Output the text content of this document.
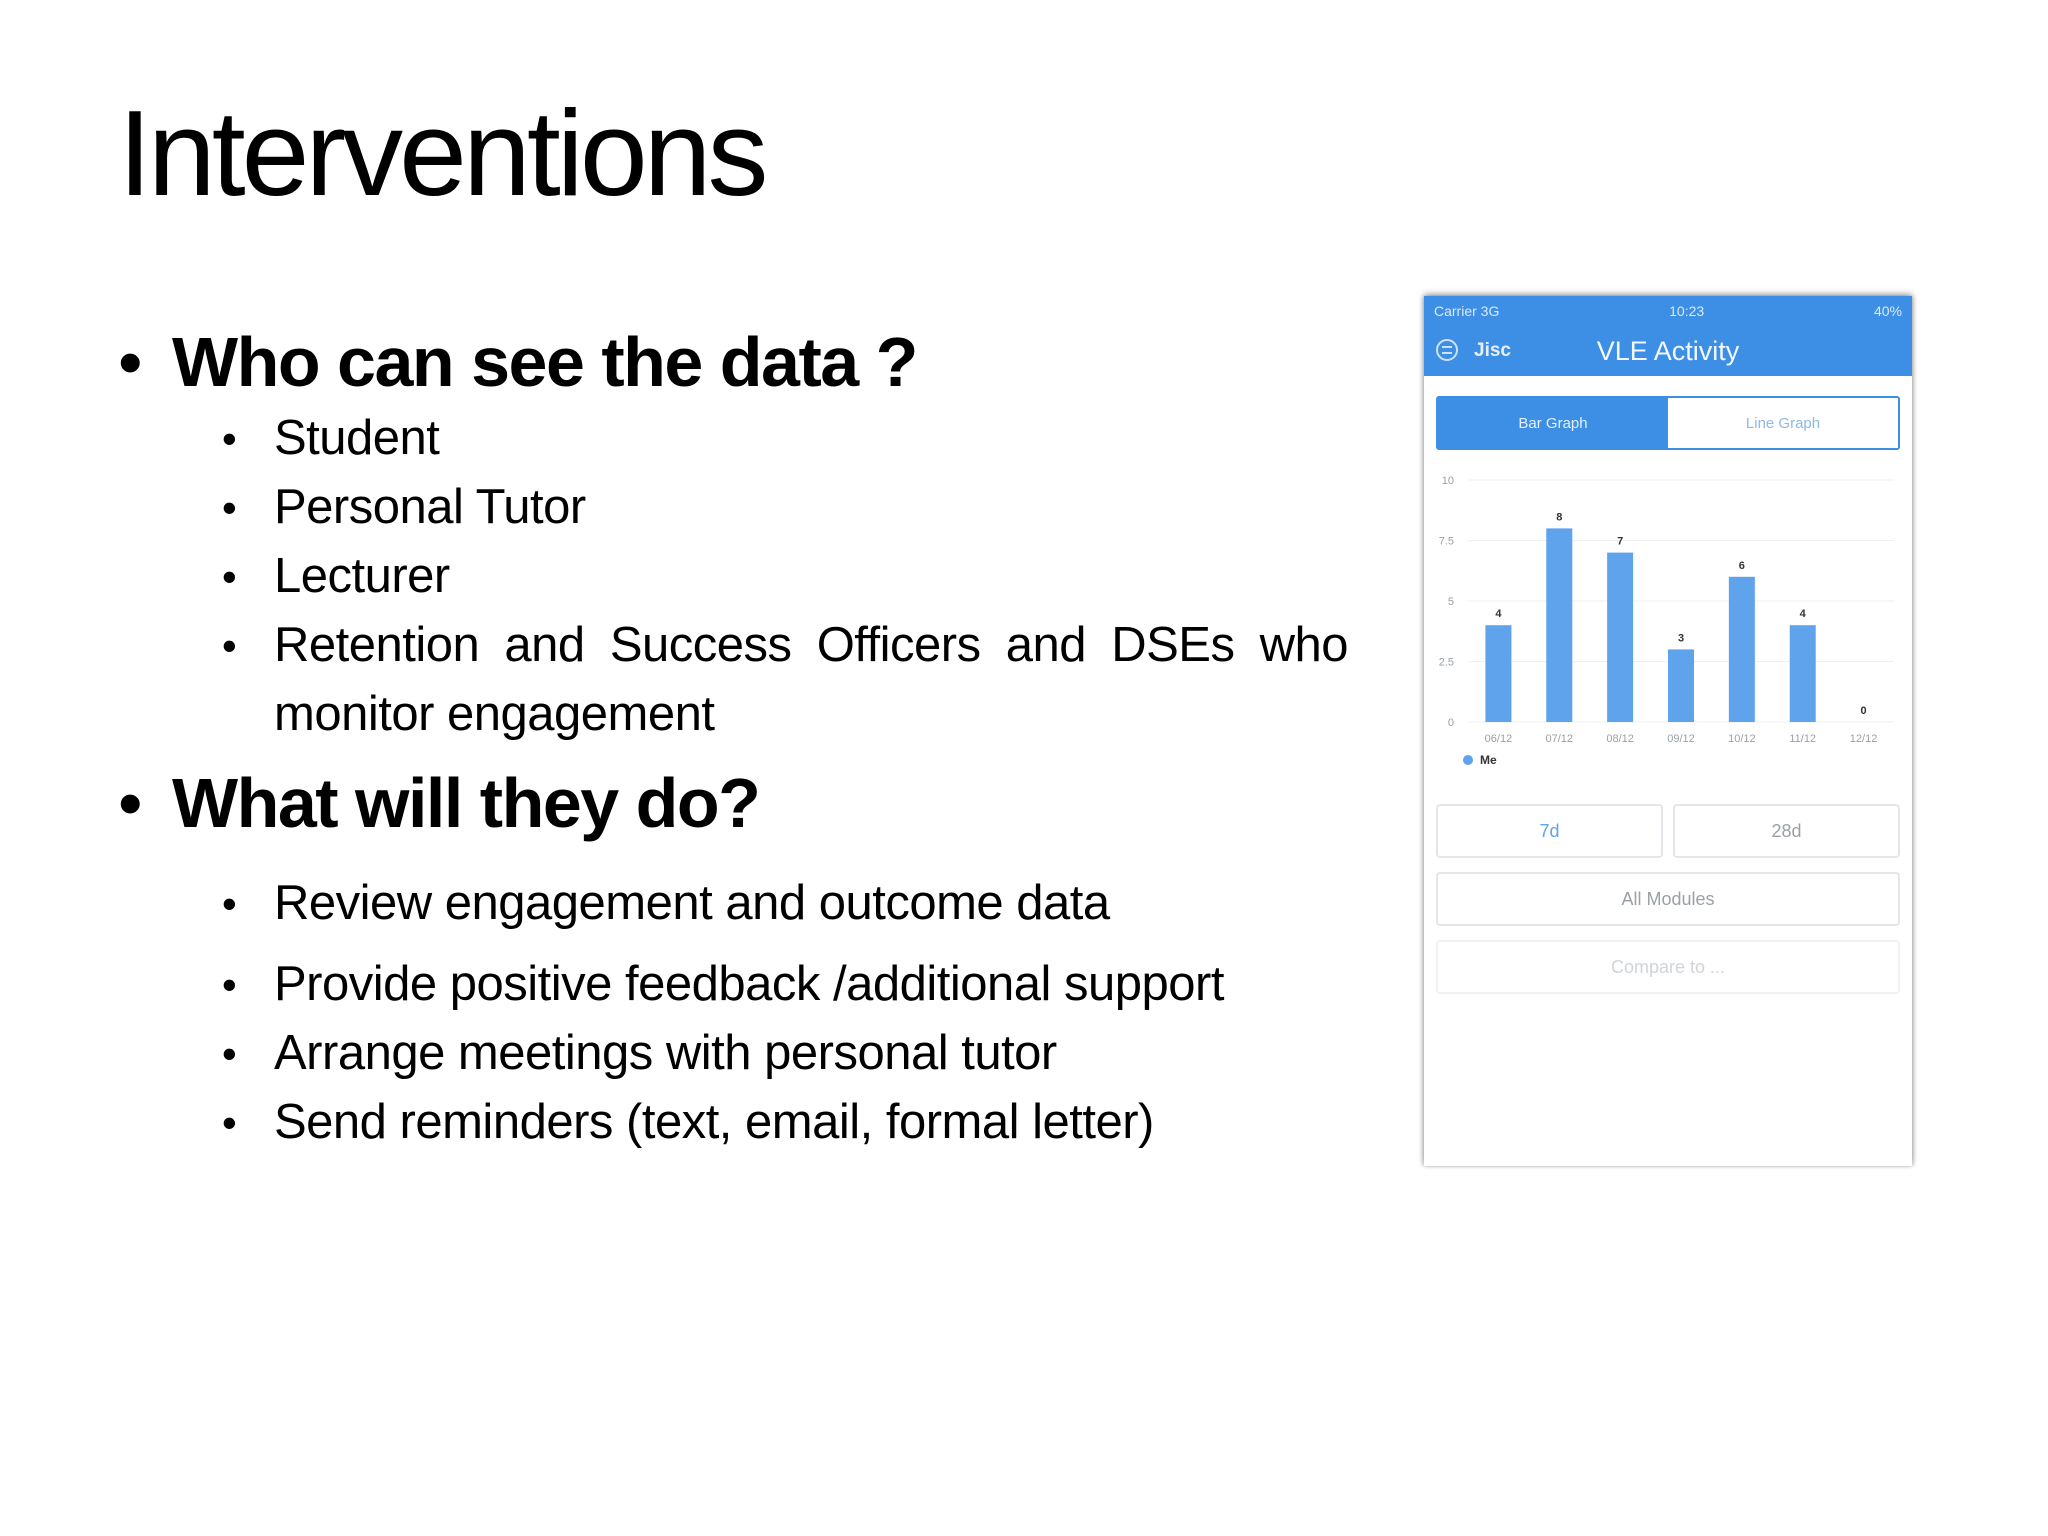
Interventions
• Who can see the data ?
• Student
• Personal Tutor
• Lecturer
• Retention and Success Officers and DSEs who monitor engagement
• What will they do?
• Review engagement and outcome data
• Provide positive feedback /additional support
• Arrange meetings with personal tutor
• Send reminders (text, email, formal letter)
Carrier 3G	10:23	40%
Jisc	VLE Activity
Bar Graph	Line Graph
0
2.5
5
7.5
10
4
06/12
8
07/12
7
08/12
3
09/12
6
10/12
4
11/12
0
12/12
Me
7d	28d
All Modules
Compare to ...
